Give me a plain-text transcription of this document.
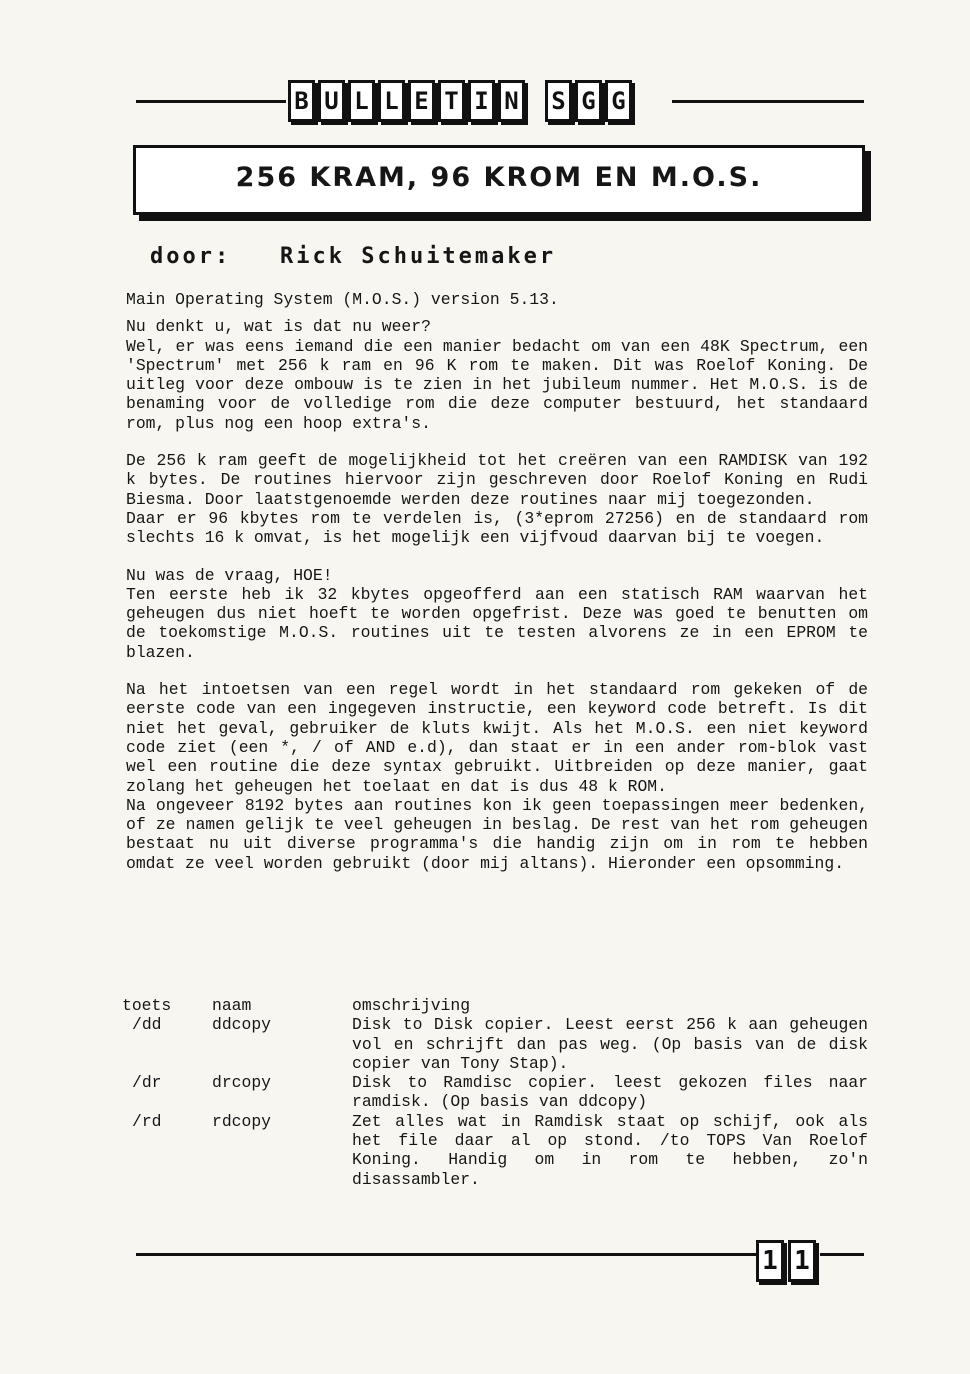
B U L L E T I N S G G
256 KRAM, 96 KROM EN M.O.S.
door: Rick Schuitemaker

Main Operating System (M.O.S.) version 5.13.

Nu denkt u, wat is dat nu weer?

Wel, er was eens iemand die een manier bedacht om van een 48K Spectrum, een 'Spectrum' met 256 k ram en 96 K rom te maken. Dit was Roelof Koning. De uitleg voor deze ombouw is te zien in het jubileum nummer. Het M.O.S. is de benaming voor de volledige rom die deze computer bestuurd, het standaard rom, plus nog een hoop extra's.

De 256 k ram geeft de mogelijkheid tot het creëren van een RAMDISK van 192 k bytes. De routines hiervoor zijn geschreven door Roelof Koning en Rudi Biesma. Door laatstgenoemde werden deze routines naar mij toegezonden.

Daar er 96 kbytes rom te verdelen is, (3*eprom 27256) en de standaard rom slechts 16 k omvat, is het mogelijk een vijfvoud daarvan bij te voegen.

Nu was de vraag, HOE!

Ten eerste heb ik 32 kbytes opgeofferd aan een statisch RAM waarvan het geheugen dus niet hoeft te worden opgefrist. Deze was goed te benutten om de toekomstige M.O.S. routines uit te testen alvorens ze in een EPROM te blazen.

Na het intoetsen van een regel wordt in het standaard rom gekeken of de eerste code van een ingegeven instructie, een keyword code betreft. Is dit niet het geval, gebruiker de kluts kwijt. Als het M.O.S. een niet keyword code ziet (een *, / of AND e.d), dan staat er in een ander rom-blok vast wel een routine die deze syntax gebruikt. Uitbreiden op deze manier, gaat zolang het geheugen het toelaat en dat is dus 48 k ROM.

Na ongeveer 8192 bytes aan routines kon ik geen toepassingen meer bedenken, of ze namen gelijk te veel geheugen in beslag. De rest van het rom geheugen bestaat nu uit diverse programma's die handig zijn om in rom te hebben omdat ze veel worden gebruikt (door mij altans). Hieronder een opsomming.

toets	naam	omschrijving
/dd	ddcopy	Disk to Disk copier. Leest eerst 256 k aan geheugen vol en schrijft dan pas weg. (Op basis van de disk copier van Tony Stap).
/dr	drcopy	Disk to Ramdisc copier. leest gekozen files naar ramdisk. (Op basis van ddcopy)
/rd	rdcopy	Zet alles wat in Ramdisk staat op schijf, ook als het file daar al op stond. /to TOPS Van Roelof Koning. Handig om in rom te hebben, zo'n disassambler.
1 1
